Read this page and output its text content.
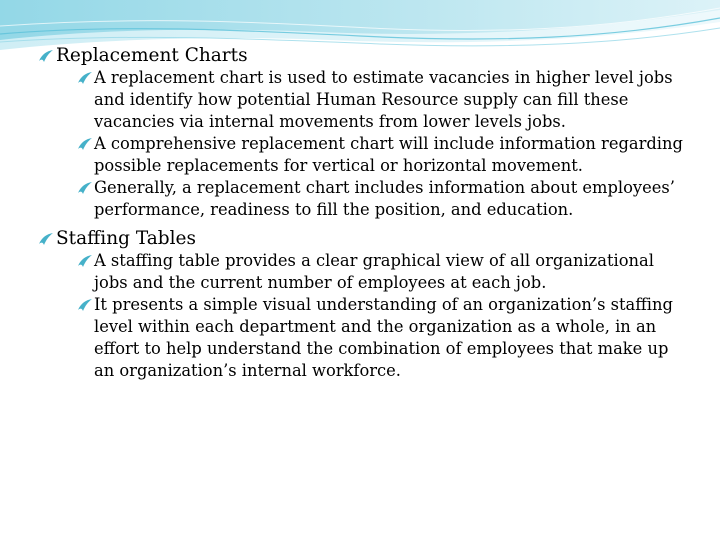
Replacement Charts

A replacement chart is used to estimate vacancies in higher level jobs and identify how potential Human Resource supply can fill these vacancies via internal movements from lower levels jobs.

A comprehensive replacement chart will include information regarding possible replacements for vertical or horizontal movement.

Generally, a replacement chart includes information about employees’ performance, readiness to fill the position, and education.

Staffing Tables

A staffing table provides a clear graphical view of all organizational jobs and the current number of employees at each job.

It presents a simple visual understanding of an organization’s staffing level within each department and the organization as a whole, in an effort to help understand the combination of employees that make up an organization’s internal workforce.
